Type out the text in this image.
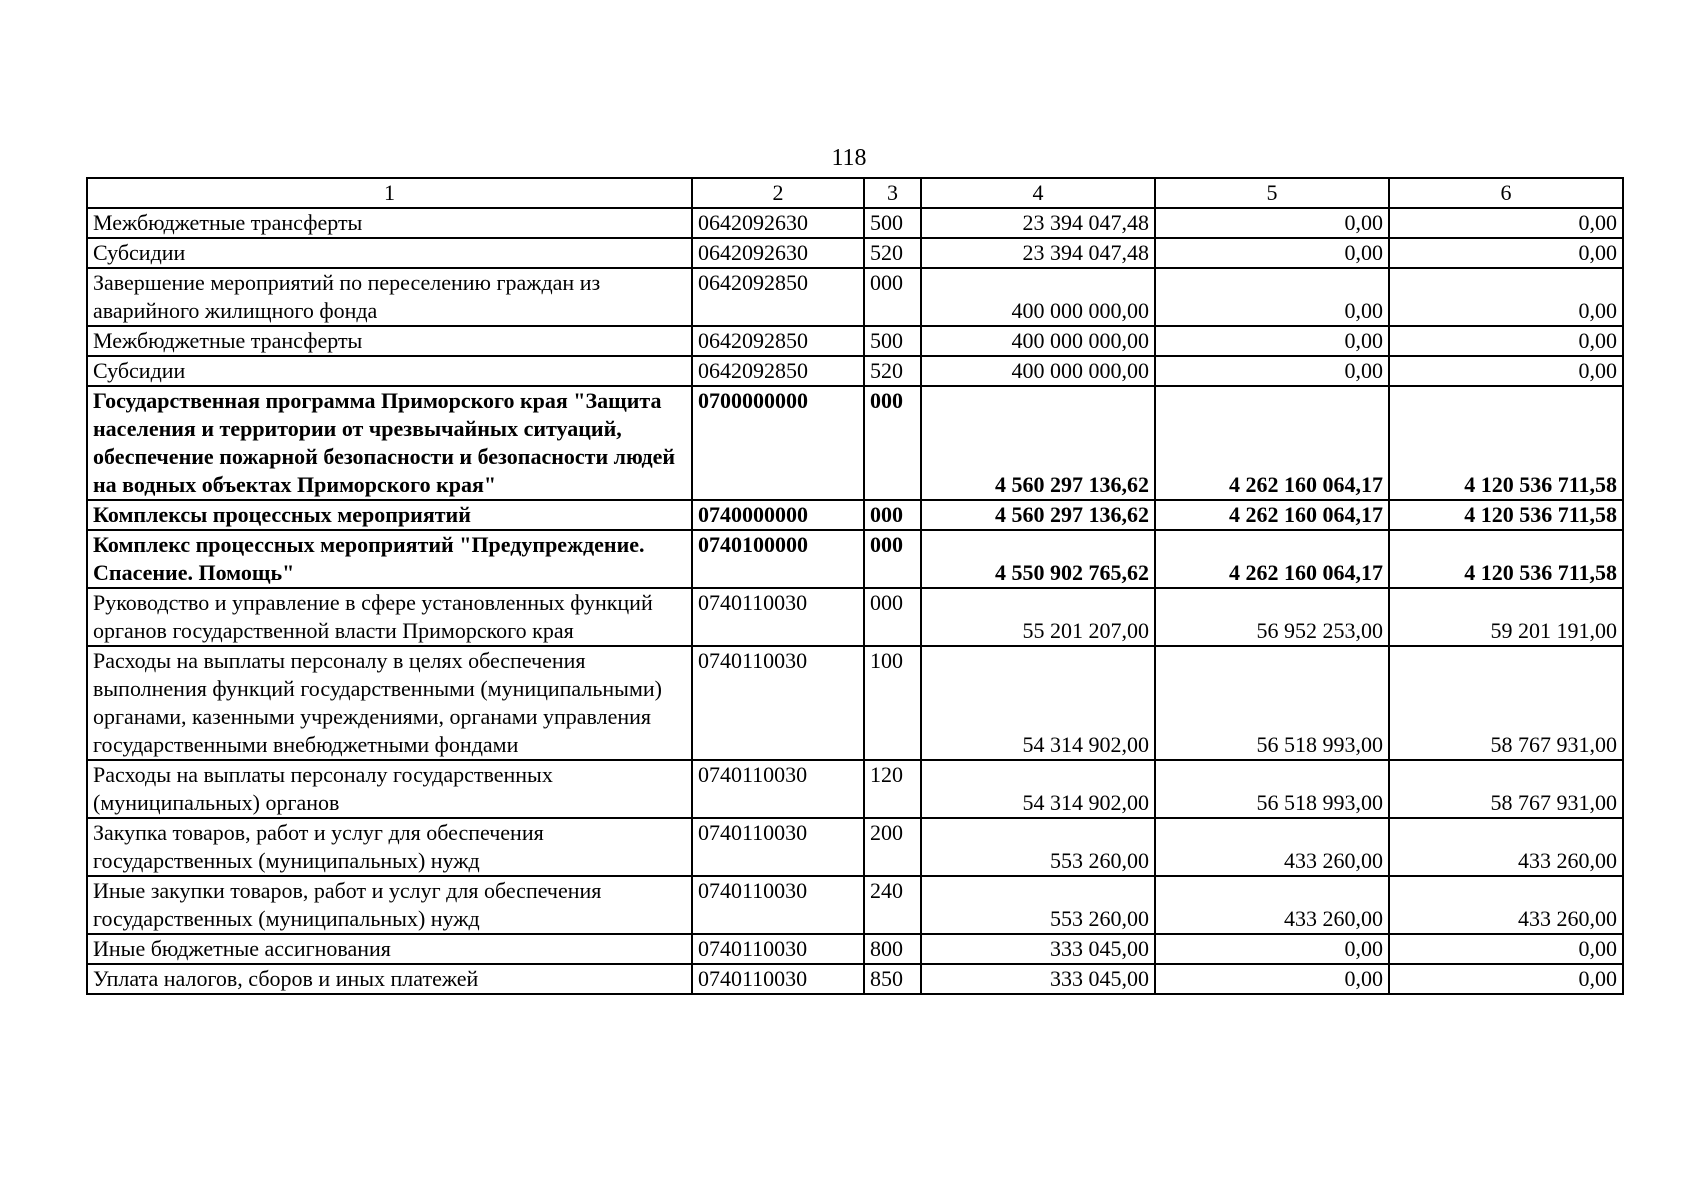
118
1	2	3	4	5	6
Межбюджетные трансферты	0642092630	500	23 394 047,48	0,00	0,00
Субсидии	0642092630	520	23 394 047,48	0,00	0,00
Завершение мероприятий по переселению граждан из аварийного жилищного фонда	0642092850	000	400 000 000,00	0,00	0,00
Межбюджетные трансферты	0642092850	500	400 000 000,00	0,00	0,00
Субсидии	0642092850	520	400 000 000,00	0,00	0,00
Государственная программа Приморского края "Защита населения и территории от чрезвычайных ситуаций, обеспечение пожарной безопасности и безопасности людей на водных объектах Приморского края"	0700000000	000	4 560 297 136,62	4 262 160 064,17	4 120 536 711,58
Комплексы процессных мероприятий	0740000000	000	4 560 297 136,62	4 262 160 064,17	4 120 536 711,58
Комплекс процессных мероприятий "Предупреждение. Спасение. Помощь"	0740100000	000	4 550 902 765,62	4 262 160 064,17	4 120 536 711,58
Руководство и управление в сфере установленных функций органов государственной власти Приморского края	0740110030	000	55 201 207,00	56 952 253,00	59 201 191,00
Расходы на выплаты персоналу в целях обеспечения выполнения функций государственными (муниципальными) органами, казенными учреждениями, органами управления государственными внебюджетными фондами	0740110030	100	54 314 902,00	56 518 993,00	58 767 931,00
Расходы на выплаты персоналу государственных (муниципальных) органов	0740110030	120	54 314 902,00	56 518 993,00	58 767 931,00
Закупка товаров, работ и услуг для обеспечения государственных (муниципальных) нужд	0740110030	200	553 260,00	433 260,00	433 260,00
Иные закупки товаров, работ и услуг для обеспечения государственных (муниципальных) нужд	0740110030	240	553 260,00	433 260,00	433 260,00
Иные бюджетные ассигнования	0740110030	800	333 045,00	0,00	0,00
Уплата налогов, сборов и иных платежей	0740110030	850	333 045,00	0,00	0,00
